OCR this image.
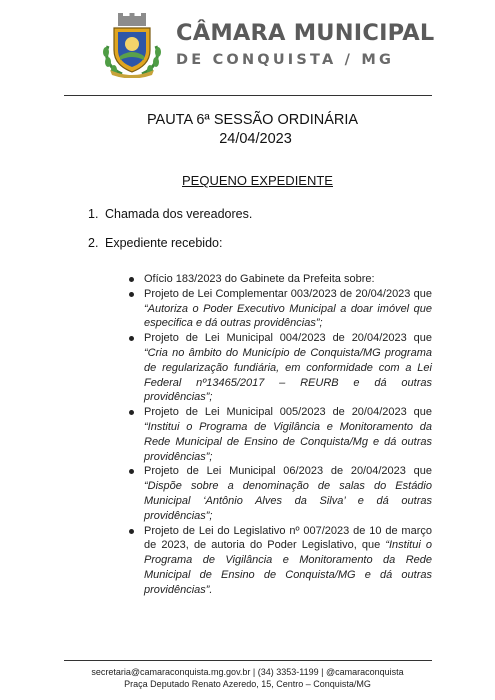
CÂMARA MUNICIPAL
DE CONQUISTA / MG
PAUTA 6ª SESSÃO ORDINÁRIA
24/04/2023
PEQUENO EXPEDIENTE
1. Chamada dos vereadores.
2. Expediente recebido:
Ofício 183/2023 do Gabinete da Prefeita sobre:
Projeto de Lei Complementar 003/2023 de 20/04/2023 que “Autoriza o Poder Executivo Municipal a doar imóvel que especifica e dá outras providências”;
Projeto de Lei Municipal 004/2023 de 20/04/2023 que “Cria no âmbito do Município de Conquista/MG programa de regularização fundiária, em conformidade com a Lei Federal nº13465/2017 – REURB e dá outras providências”;
Projeto de Lei Municipal 005/2023 de 20/04/2023 que “Institui o Programa de Vigilância e Monitoramento da Rede Municipal de Ensino de Conquista/Mg e dá outras providências”;
Projeto de Lei Municipal 06/2023 de 20/04/2023 que “Dispõe sobre a denominação de salas do Estádio Municipal ‘Antônio Alves da Silva’ e dá outras providências”;
Projeto de Lei do Legislativo nº 007/2023 de 10 de março de 2023, de autoria do Poder Legislativo, que “Institui o Programa de Vigilância e Monitoramento da Rede Municipal de Ensino de Conquista/MG e dá outras providências”.
secretaria@camaraconquista.mg.gov.br | (34) 3353-1199 | @camaraconquista
Praça Deputado Renato Azeredo, 15, Centro – Conquista/MG
